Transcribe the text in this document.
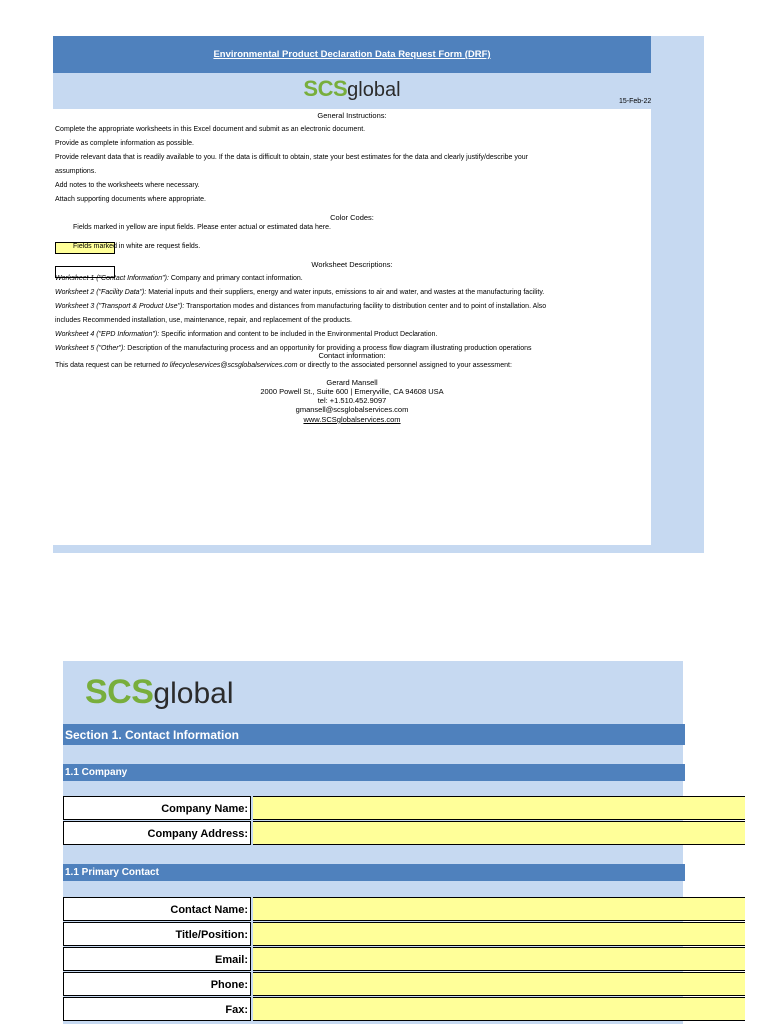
Environmental Product Declaration Data Request Form (DRF)
SCSglobal
15-Feb-22
General Instructions:
Complete the appropriate worksheets in this Excel document and submit as an electronic document.
Provide as complete information as possible.
Provide relevant data that is readily available to you. If the data is difficult to obtain, state your best estimates for the data and clearly justify/describe your
assumptions.
Add notes to the worksheets where necessary.
Attach supporting documents where appropriate.
Color Codes:
Fields marked in yellow are input fields. Please enter actual or estimated data here.
Fields marked in white are request fields.
Worksheet Descriptions:
Worksheet 1 ("Contact Information"): Company and primary contact information.
Worksheet 2 ("Facility Data"): Material inputs and their suppliers, energy and water inputs, emissions to air and water, and wastes at the manufacturing facility.
Worksheet 3 ("Transport & Product Use"): Transportation modes and distances from manufacturing facility to distribution center and to point of installation. Also
includes Recommended installation, use, maintenance, repair, and replacement of the products.
Worksheet 4 ("EPD Information"): Specific information and content to be included in the Environmental Product Declaration.
Worksheet 5 ("Other"): Description of the manufacturing process and an opportunity for providing a process flow diagram illustrating production operations
Contact information:
This data request can be returned to lifecycleservices@scsglobalservices.com or directly to the associated personnel assigned to your assessment:
Gerard Mansell
2000 Powell St., Suite 600 | Emeryville, CA 94608 USA
tel: +1.510.452.9097
gmansell@scsglobalservices.com
www.SCSglobalservices.com
SCSglobal
Section 1. Contact Information
1.1 Company
Company Name:
Company Address:
1.1 Primary Contact
Contact Name:
Title/Position:
Email:
Phone:
Fax:
